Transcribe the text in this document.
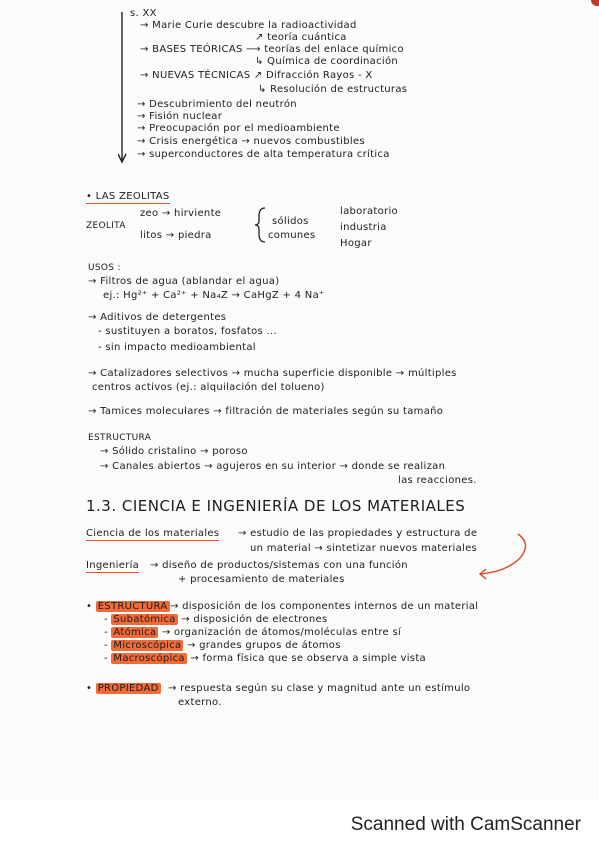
s. XX
→ Marie Curie descubre la radioactividad
↗ teoría cuántica
→ BASES TEÓRICAS ⟶ teorías del enlace químico
↳ Química de coordinación
→ NUEVAS TÉCNICAS ↗ Difracción Rayos - X
↳ Resolución de estructuras
→ Descubrimiento del neutrón
→ Fisión nuclear
→ Preocupación por el medioambiente
→ Crisis energética → nuevos combustibles
→ superconductores de alta temperatura crítica
• LAS ZEOLITAS
ZEOLITA
zeo → hirviente
litos → piedra
sólidos
comunes
laboratorio
industria
Hogar
USOS :
→ Filtros de agua (ablandar el agua)
ej.: Hg²⁺ + Ca²⁺ + Na₄Z → CaHgZ + 4 Na⁺
→ Aditivos de detergentes
- sustituyen a boratos, fosfatos ...
- sin impacto medioambiental
→ Catalizadores selectivos → mucha superficie disponible → múltiples
centros activos (ej.: alquilación del tolueno)
→ Tamices moleculares → filtración de materiales según su tamaño
ESTRUCTURA
→ Sólido cristalino → poroso
→ Canales abiertos → agujeros en su interior → donde se realizan
las reacciones.
1.3. CIENCIA E INGENIERÍA DE LOS MATERIALES
Ciencia de los materiales → estudio de las propiedades y estructura de
un material → sintetizar nuevos materiales
Ingeniería → diseño de productos/sistemas con una función
+ procesamiento de materiales
• ESTRUCTURA → disposición de los componentes internos de un material
- Subatómica → disposición de electrones
- Atómica → organización de átomos/moléculas entre sí
- Microscópica → grandes grupos de átomos
- Macroscópica → forma física que se observa a simple vista
• PROPIEDAD → respuesta según su clase y magnitud ante un estímulo
externo.
Scanned with CamScanner
